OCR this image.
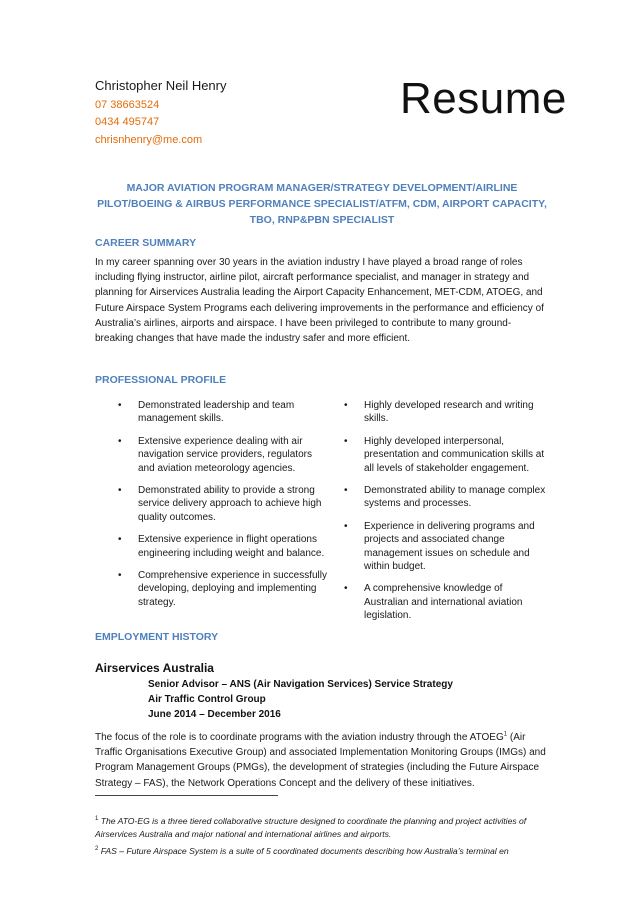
Christopher Neil Henry
07 38663524
0434 495747
chrisnhenry@me.com
Resume
MAJOR AVIATION PROGRAM MANAGER/STRATEGY DEVELOPMENT/AIRLINE PILOT/BOEING & AIRBUS PERFORMANCE SPECIALIST/ATFM, CDM, AIRPORT CAPACITY, TBO, RNP&PBN SPECIALIST
CAREER SUMMARY
In my career spanning over 30 years in the aviation industry I have played a broad range of roles including flying instructor, airline pilot, aircraft performance specialist, and manager in strategy and planning for Airservices Australia leading the Airport Capacity Enhancement, MET-CDM, ATOEG, and Future Airspace System Programs each delivering improvements in the performance and efficiency of Australia’s airlines, airports and airspace. I have been privileged to contribute to many ground-breaking changes that have made the industry safer and more efficient.
PROFESSIONAL PROFILE
• Demonstrated leadership and team management skills.
• Extensive experience dealing with air navigation service providers, regulators and aviation meteorology agencies.
• Demonstrated ability to provide a strong service delivery approach to achieve high quality outcomes.
• Extensive experience in flight operations engineering including weight and balance.
• Comprehensive experience in successfully developing, deploying and implementing strategy.
• Highly developed research and writing skills.
• Highly developed interpersonal, presentation and communication skills at all levels of stakeholder engagement.
• Demonstrated ability to manage complex systems and processes.
• Experience in delivering programs and projects and associated change management issues on schedule and within budget.
• A comprehensive knowledge of Australian and international aviation legislation.
EMPLOYMENT HISTORY
Airservices Australia
Senior Advisor – ANS (Air Navigation Services) Service Strategy
Air Traffic Control Group
June 2014 – December 2016
The focus of the role is to coordinate programs with the aviation industry through the ATOEG$^1$ (Air Traffic Organisations Executive Group) and associated Implementation Monitoring Groups (IMGs) and Program Management Groups (PMGs), the development of strategies (including the Future Airspace Strategy – FAS), the Network Operations Concept and the delivery of these initiatives.
$^1$ The ATO-EG is a three tiered collaborative structure designed to coordinate the planning and project activities of Airservices Australia and major national and international airlines and airports.
$^2$ FAS – Future Airspace System is a suite of 5 coordinated documents describing how Australia’s terminal en
